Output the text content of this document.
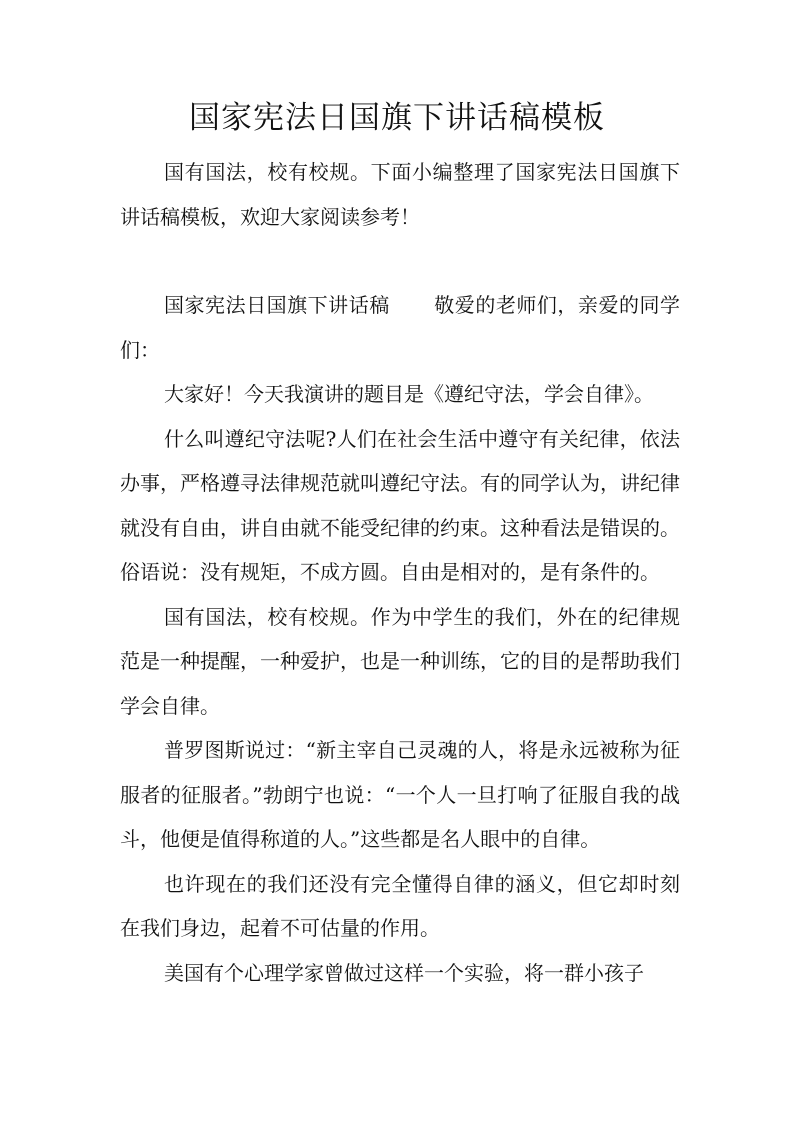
国家宪法日国旗下讲话稿模板

国有国法，校有校规。下面小编整理了国家宪法日国旗下讲话稿模板，欢迎大家阅读参考！

国家宪法日国旗下讲话稿 敬爱的老师们，亲爱的同学们：

大家好！今天我演讲的题目是《遵纪守法，学会自律》。

什么叫遵纪守法呢?人们在社会生活中遵守有关纪律，依法办事，严格遵寻法律规范就叫遵纪守法。有的同学认为，讲纪律就没有自由，讲自由就不能受纪律的约束。这种看法是错误的。俗语说：没有规矩，不成方圆。自由是相对的，是有条件的。

国有国法，校有校规。作为中学生的我们，外在的纪律规范是一种提醒，一种爱护，也是一种训练，它的目的是帮助我们学会自律。

普罗图斯说过：“新主宰自己灵魂的人，将是永远被称为征服者的征服者。”勃朗宁也说：“一个人一旦打响了征服自我的战斗，他便是值得称道的人。”这些都是名人眼中的自律。

也许现在的我们还没有完全懂得自律的涵义，但它却时刻在我们身边，起着不可估量的作用。

美国有个心理学家曾做过这样一个实验，将一群小孩子
